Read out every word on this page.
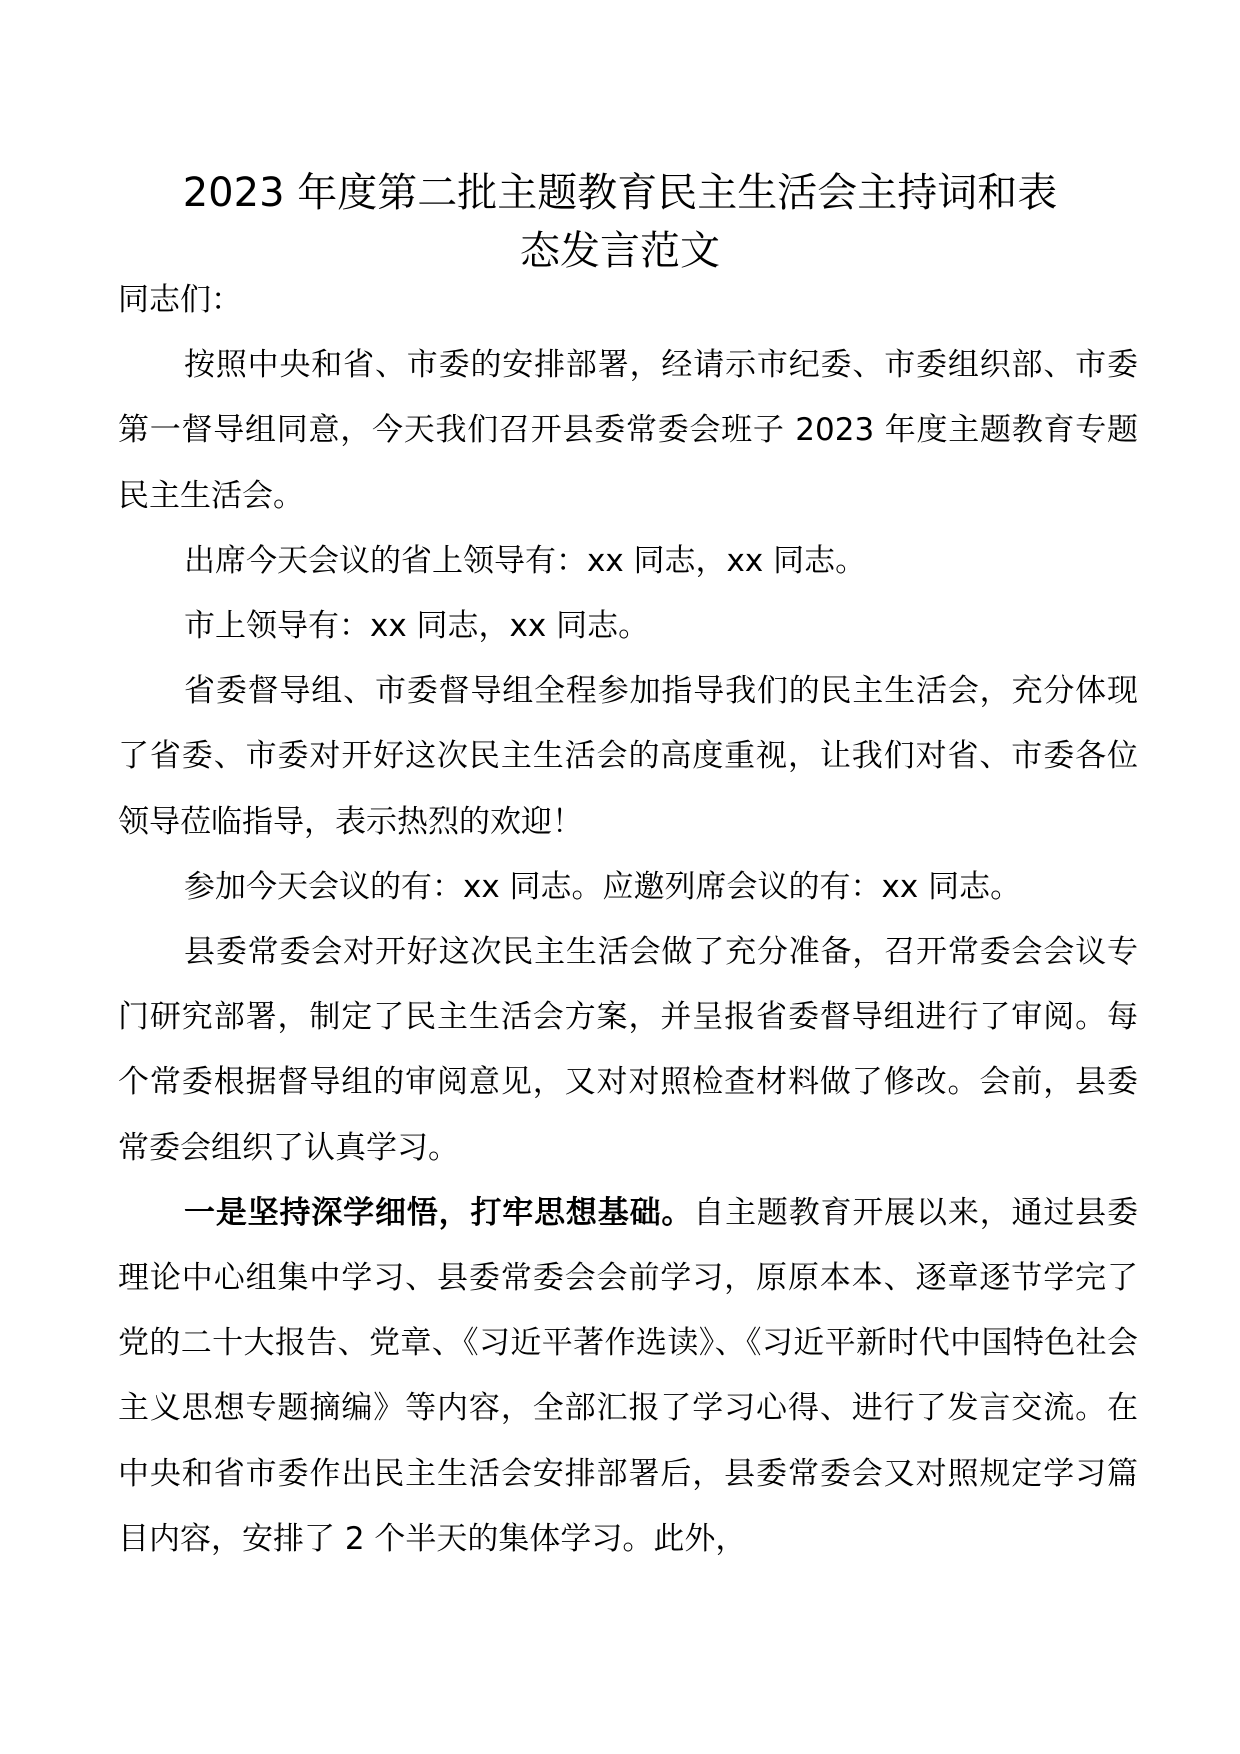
2023 年度第二批主题教育民主生活会主持词和表
态发言范文

同志们：

按照中央和省、市委的安排部署，经请示市纪委、市委组织部、市委第一督导组同意，今天我们召开县委常委会班子 2023 年度主题教育专题民主生活会。

出席今天会议的省上领导有：xx 同志，xx 同志。

市上领导有：xx 同志，xx 同志。

省委督导组、市委督导组全程参加指导我们的民主生活会，充分体现了省委、市委对开好这次民主生活会的高度重视，让我们对省、市委各位领导莅临指导，表示热烈的欢迎！

参加今天会议的有：xx 同志。应邀列席会议的有：xx 同志。

县委常委会对开好这次民主生活会做了充分准备，召开常委会会议专门研究部署，制定了民主生活会方案，并呈报省委督导组进行了审阅。每个常委根据督导组的审阅意见，又对对照检查材料做了修改。会前，县委常委会组织了认真学习。

一是坚持深学细悟，打牢思想基础。自主题教育开展以来，通过县委理论中心组集中学习、县委常委会会前学习，原原本本、逐章逐节学完了党的二十大报告、党章、《习近平著作选读》、《习近平新时代中国特色社会主义思想专题摘编》等内容，全部汇报了学习心得、进行了发言交流。在中央和省市委作出民主生活会安排部署后，县委常委会又对照规定学习篇目内容，安排了 2 个半天的集体学习。此外，
